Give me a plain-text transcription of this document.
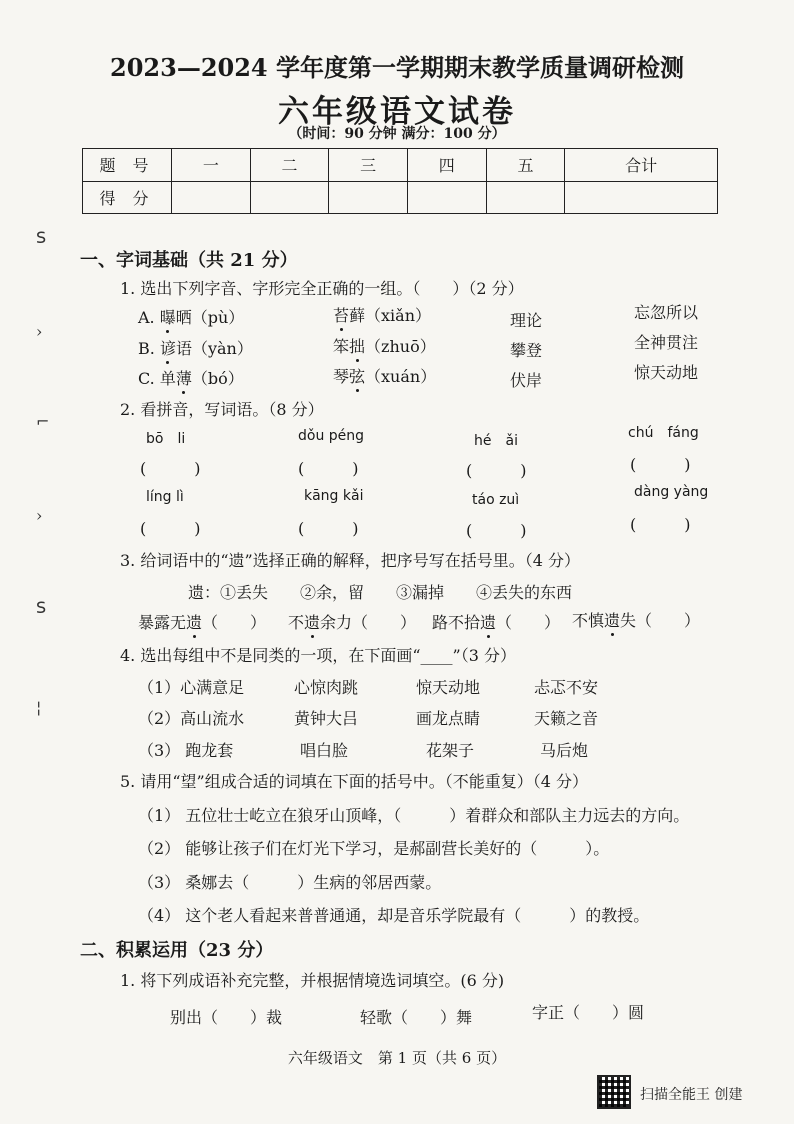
2023—2024 学年度第一学期期末教学质量调研检测
六年级语文试卷
（时间：90 分钟 满分：100 分）
题 号	一	二	三	四	五	合计
得 分						
ꓢ
›
⌐
›
ꓢ
¦
一、字词基础（共 21 分）
1. 选出下列字音、字形完全正确的一组。（　　）（2 分）
A. 曝晒（pù）	苔藓（xiǎn）	理论	忘忽所以
B. 谚语（yàn）	笨拙（zhuō）	攀登	全神贯注
C. 单薄（bó）	琴弦（xuán）	伏岸	惊天动地
2. 看拼音，写词语。（8 分）
bō　li	dǒu péng	hé　ǎi	chú　fáng
(　　　)	(　　　)	(　　　)	(　　　)
líng lì	kāng kǎi	táo zuì	dàng yàng
(　　　)	(　　　)	(　　　)	(　　　)
3. 给词语中的“遗”选择正确的解释，把序号写在括号里。（4 分）
遗：①丢失　　②余，留　　③漏掉　　④丢失的东西
暴露无遗（　　） 不遗余力（　　） 路不拾遗（　　） 不慎遗失（　　）
4. 选出每组中不是同类的一项，在下面画“____”（3 分）
（1）心满意足	心惊肉跳	惊天动地	忐忑不安
（2）高山流水	黄钟大吕	画龙点睛	天籁之音
（3） 跑龙套	唱白脸	花架子	马后炮
5. 请用“望”组成合适的词填在下面的括号中。（不能重复）（4 分）
（1） 五位壮士屹立在狼牙山顶峰，（　　　）着群众和部队主力远去的方向。
（2） 能够让孩子们在灯光下学习，是郝副营长美好的（　　　）。
（3） 桑娜去（　　　）生病的邻居西蒙。
（4） 这个老人看起来普普通通，却是音乐学院最有（　　　）的教授。
二、积累运用（23 分）
1. 将下列成语补充完整，并根据情境选词填空。(6 分)
别出（　　）裁	轻歌（　　）舞	字正（　　）圆
六年级语文　第 1 页（共 6 页）
扫描全能王 创建
